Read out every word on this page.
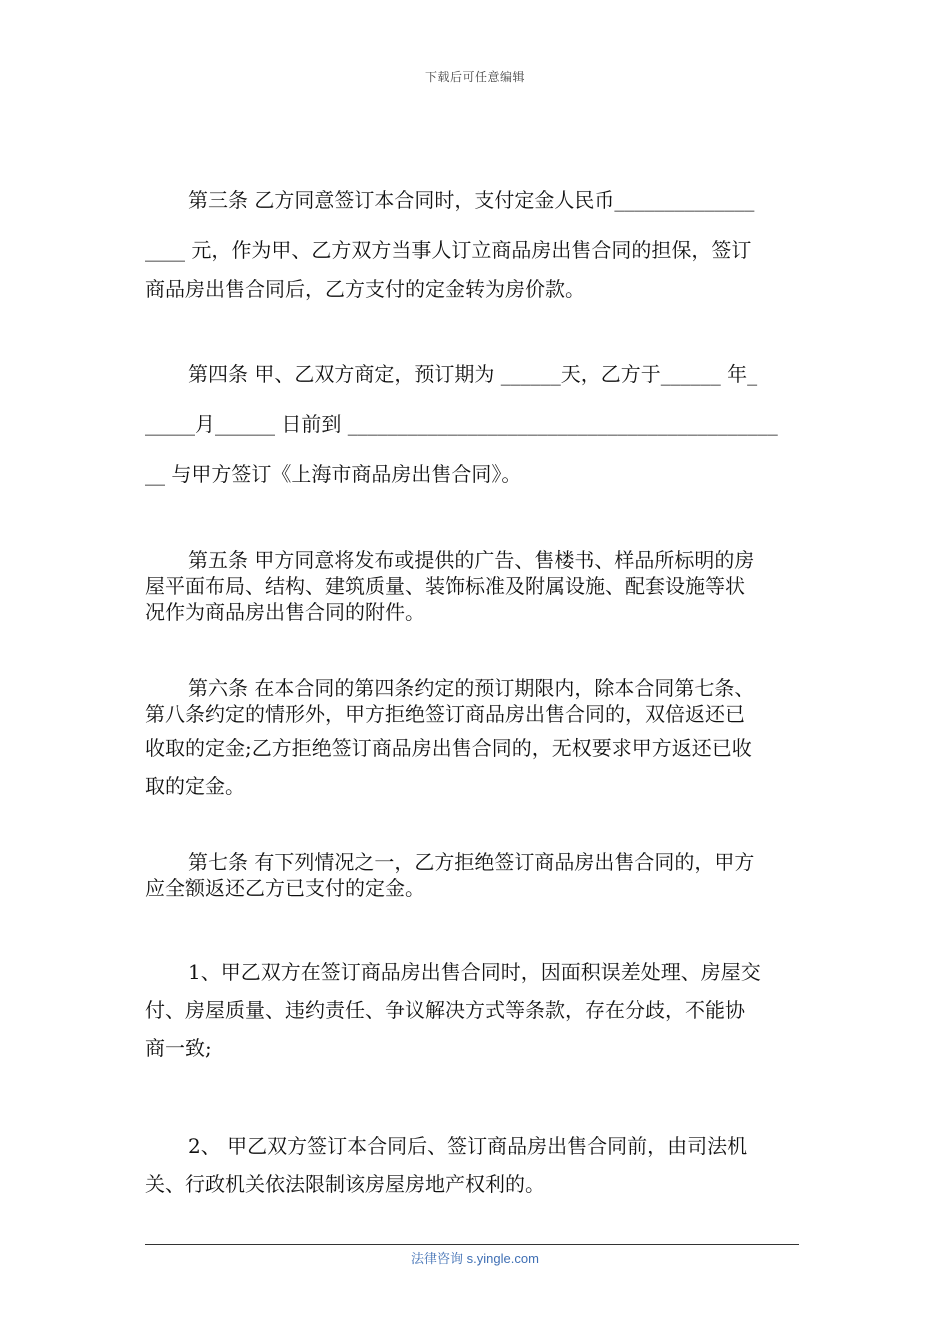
下载后可任意编辑
第三条 乙方同意签订本合同时，支付定金人民币______________
____ 元，作为甲、乙方双方当事人订立商品房出售合同的担保，签订
商品房出售合同后，乙方支付的定金转为房价款。
第四条 甲、乙双方商定，预订期为 ______天，乙方于______ 年_
_____月______ 日前到 ___________________________________________
__ 与甲方签订《上海市商品房出售合同》。
第五条 甲方同意将发布或提供的广告、售楼书、样品所标明的房
屋平面布局、结构、建筑质量、装饰标准及附属设施、配套设施等状
况作为商品房出售合同的附件。
第六条 在本合同的第四条约定的预订期限内，除本合同第七条、
第八条约定的情形外，甲方拒绝签订商品房出售合同的，双倍返还已
收取的定金;乙方拒绝签订商品房出售合同的，无权要求甲方返还已收
取的定金。
第七条 有下列情况之一，乙方拒绝签订商品房出售合同的，甲方
应全额返还乙方已支付的定金。
1、甲乙双方在签订商品房出售合同时，因面积误差处理、房屋交
付、房屋质量、违约责任、争议解决方式等条款，存在分歧，不能协
商一致;
2、 甲乙双方签订本合同后、签订商品房出售合同前，由司法机
关、行政机关依法限制该房屋房地产权利的。
法律咨询 s.yingle.com
